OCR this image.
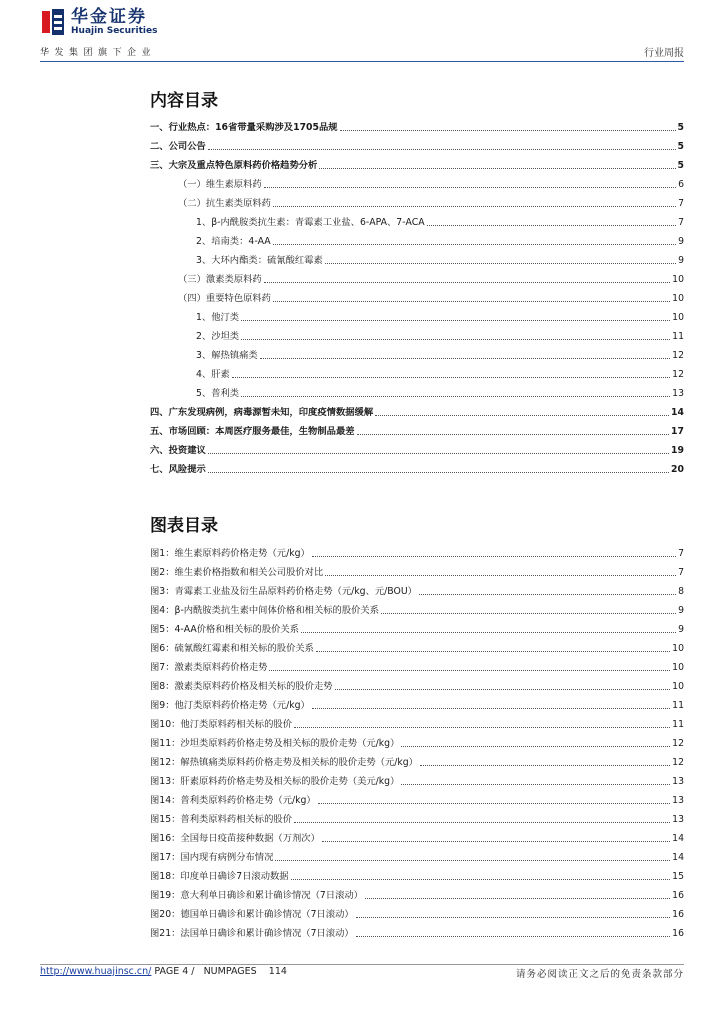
华金证券
Huajin Securities
华发集团旗下企业	行业周报
内容目录
一、行业热点：16省带量采购涉及1705品规	5
二、公司公告	5
三、大宗及重点特色原料药价格趋势分析	5
（一）维生素原料药	6
（二）抗生素类原料药	7
1、β-内酰胺类抗生素：青霉素工业盐、6-APA、7-ACA	7
2、培南类：4-AA	9
3、大环内酯类：硫氰酸红霉素	9
（三）激素类原料药	10
（四）重要特色原料药	10
1、他汀类	10
2、沙坦类	11
3、解热镇痛类	12
4、肝素	12
5、普利类	13
四、广东发现病例，病毒源暂未知，印度疫情数据缓解	14
五、市场回顾：本周医疗服务最佳，生物制品最差	17
六、投资建议	19
七、风险提示	20
图表目录
图1：维生素原料药价格走势（元/kg）	7
图2：维生素价格指数和相关公司股价对比	7
图3：青霉素工业盐及衍生品原料药价格走势（元/kg、元/BOU）	8
图4：β-内酰胺类抗生素中间体价格和相关标的股价关系	9
图5：4-AA价格和相关标的股价关系	9
图6：硫氰酸红霉素和相关标的股价关系	10
图7：激素类原料药价格走势	10
图8：激素类原料药价格及相关标的股价走势	10
图9：他汀类原料药价格走势（元/kg）	11
图10：他汀类原料药相关标的股价	11
图11：沙坦类原料药价格走势及相关标的股价走势（元/kg）	12
图12：解热镇痛类原料药价格走势及相关标的股价走势（元/kg）	12
图13：肝素原料药价格走势及相关标的股价走势（美元/kg）	13
图14：普利类原料药价格走势（元/kg）	13
图15：普利类原料药相关标的股价	13
图16：全国每日疫苗接种数据（万剂次）	14
图17：国内现有病例分布情况	14
图18：印度单日确诊7日滚动数据	15
图19：意大利单日确诊和累计确诊情况（7日滚动）	16
图20：德国单日确诊和累计确诊情况（7日滚动）	16
图21：法国单日确诊和累计确诊情况（7日滚动）	16
http://www.huajinsc.cn/ PAGE 4 / NUMPAGES 114	请务必阅读正文之后的免责条款部分
